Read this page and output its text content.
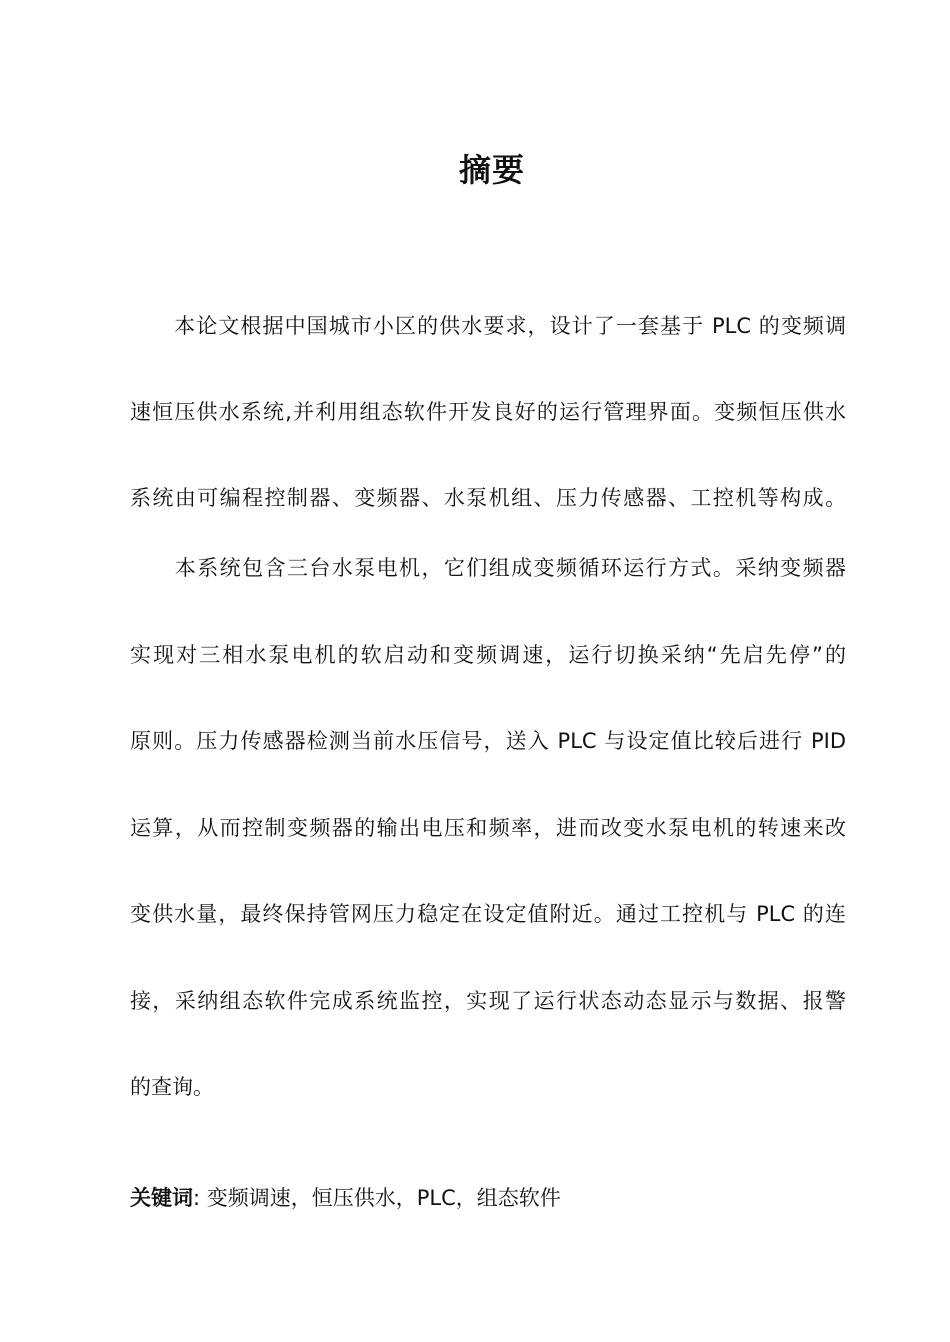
摘要
　　本论文根据中国城市小区的供水要求，设计了一套基于 PLC 的变频调
速恒压供水系统,并利用组态软件开发良好的运行管理界面。变频恒压供水
系统由可编程控制器、变频器、水泵机组、压力传感器、工控机等构成。
　　本系统包含三台水泵电机，它们组成变频循环运行方式。采纳变频器
实现对三相水泵电机的软启动和变频调速，运行切换采纳“先启先停”的
原则。压力传感器检测当前水压信号，送入 PLC 与设定值比较后进行 PID
运算，从而控制变频器的输出电压和频率，进而改变水泵电机的转速来改
变供水量，最终保持管网压力稳定在设定值附近。通过工控机与 PLC 的连
接，采纳组态软件完成系统监控，实现了运行状态动态显示与数据、报警
的查询。
关键词: 变频调速，恒压供水，PLC，组态软件
